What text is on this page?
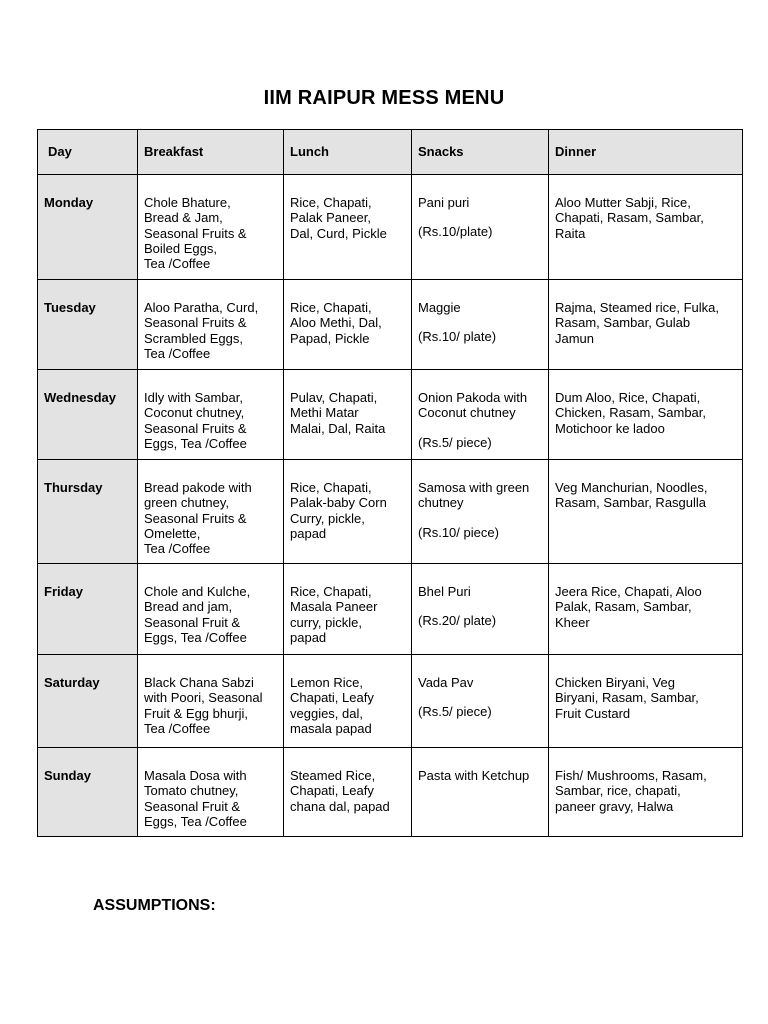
IIM RAIPUR MESS MENU
Day	Breakfast	Lunch	Snacks	Dinner
Monday	Chole Bhature,
Bread & Jam,
Seasonal Fruits &
Boiled Eggs,
Tea /Coffee	Rice, Chapati,
Palak Paneer,
Dal, Curd, Pickle	Pani puri
(Rs.10/plate)	Aloo Mutter Sabji, Rice,
Chapati, Rasam, Sambar,
Raita
Tuesday	Aloo Paratha, Curd,
Seasonal Fruits &
Scrambled Eggs,
Tea /Coffee	Rice, Chapati,
Aloo Methi, Dal,
Papad, Pickle	Maggie
(Rs.10/ plate)	Rajma, Steamed rice, Fulka,
Rasam, Sambar, Gulab
Jamun
Wednesday	Idly with Sambar,
Coconut chutney,
Seasonal Fruits &
Eggs, Tea /Coffee	Pulav, Chapati,
Methi Matar
Malai, Dal, Raita	Onion Pakoda with
Coconut chutney
(Rs.5/ piece)	Dum Aloo, Rice, Chapati,
Chicken, Rasam, Sambar,
Motichoor ke ladoo
Thursday	Bread pakode with
green chutney,
Seasonal Fruits &
Omelette,
Tea /Coffee	Rice, Chapati,
Palak-baby Corn
Curry, pickle,
papad	Samosa with green
chutney
(Rs.10/ piece)	Veg Manchurian, Noodles,
Rasam, Sambar, Rasgulla
Friday	Chole and Kulche,
Bread and jam,
Seasonal Fruit &
Eggs, Tea /Coffee	Rice, Chapati,
Masala Paneer
curry, pickle,
papad	Bhel Puri
(Rs.20/ plate)	Jeera Rice, Chapati, Aloo
Palak, Rasam, Sambar,
Kheer
Saturday	Black Chana Sabzi
with Poori, Seasonal
Fruit & Egg bhurji,
Tea /Coffee	Lemon Rice,
Chapati, Leafy
veggies, dal,
masala papad	Vada Pav
(Rs.5/ piece)	Chicken Biryani, Veg
Biryani, Rasam, Sambar,
Fruit Custard
Sunday	Masala Dosa with
Tomato chutney,
Seasonal Fruit &
Eggs, Tea /Coffee	Steamed Rice,
Chapati, Leafy
chana dal, papad	Pasta with Ketchup	Fish/ Mushrooms, Rasam,
Sambar, rice, chapati,
paneer gravy, Halwa
ASSUMPTIONS:
